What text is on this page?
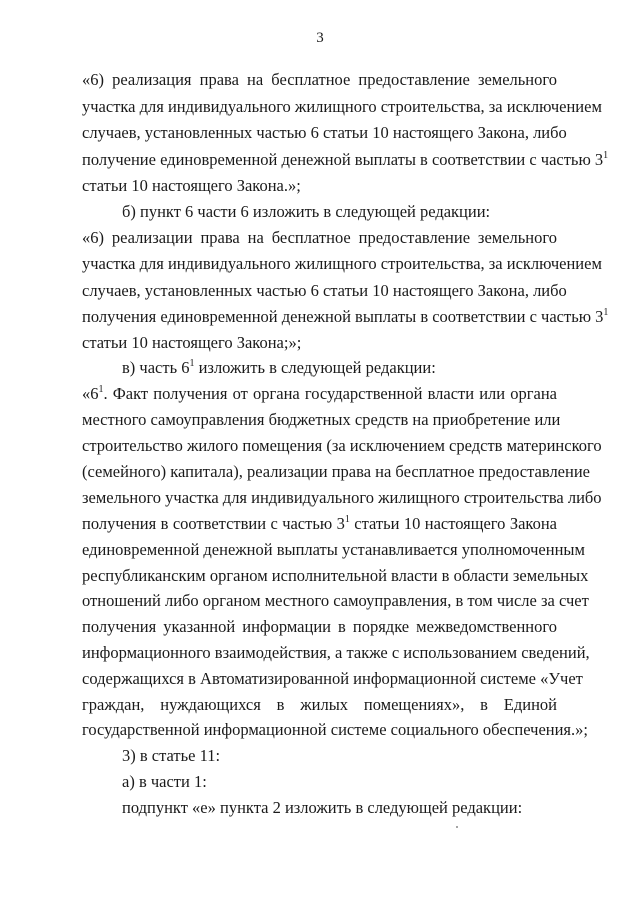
3
«6) реализация права на бесплатное предоставление земельного
участка для индивидуального жилищного строительства, за исключением
случаев, установленных частью 6 статьи 10 настоящего Закона, либо
получение единовременной денежной выплаты в соответствии с частью $3^1$
статьи 10 настоящего Закона.»;
б) пункт 6 части 6 изложить в следующей редакции:
«6) реализации права на бесплатное предоставление земельного
участка для индивидуального жилищного строительства, за исключением
случаев, установленных частью 6 статьи 10 настоящего Закона, либо
получения единовременной денежной выплаты в соответствии с частью $3^1$
статьи 10 настоящего Закона;»;
в) часть $6^1$ изложить в следующей редакции:
«$6^1$. Факт получения от органа государственной власти или органа
местного самоуправления бюджетных средств на приобретение или
строительство жилого помещения (за исключением средств материнского
(семейного) капитала), реализации права на бесплатное предоставление
земельного участка для индивидуального жилищного строительства либо
получения в соответствии с частью $3^1$ статьи 10 настоящего Закона
единовременной денежной выплаты устанавливается уполномоченным
республиканским органом исполнительной власти в области земельных
отношений либо органом местного самоуправления, в том числе за счет
получения указанной информации в порядке межведомственного
информационного взаимодействия, а также с использованием сведений,
содержащихся в Автоматизированной информационной системе «Учет
граждан, нуждающихся в жилых помещениях», в Единой
государственной информационной системе социального обеспечения.»;
3) в статье 11:
а) в части 1:
подпункт «е» пункта 2 изложить в следующей редакции:
